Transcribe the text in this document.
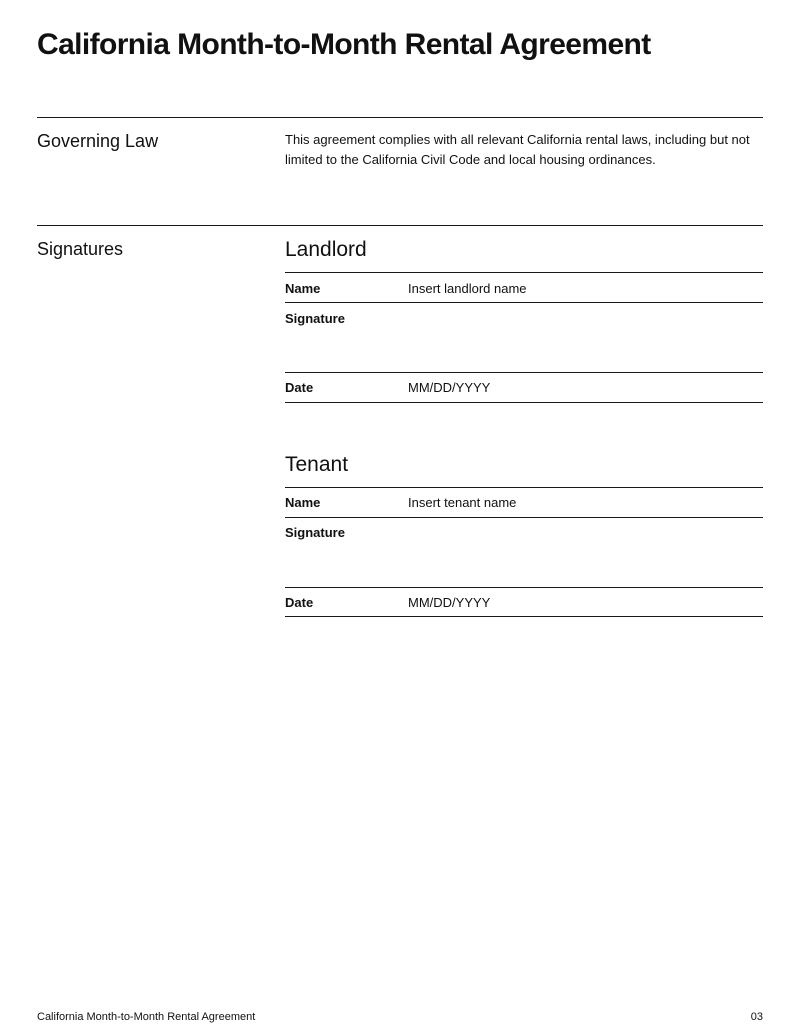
California Month-to-Month Rental Agreement
Governing Law	This agreement complies with all relevant California rental laws, including but not limited to the California Civil Code and local housing ordinances.

Signatures	Landlord
Name	Insert landlord name
Signature
Date	MM/DD/YYYY
Tenant
Name	Insert tenant name
Signature
Date	MM/DD/YYYY
California Month-to-Month Rental Agreement	03
